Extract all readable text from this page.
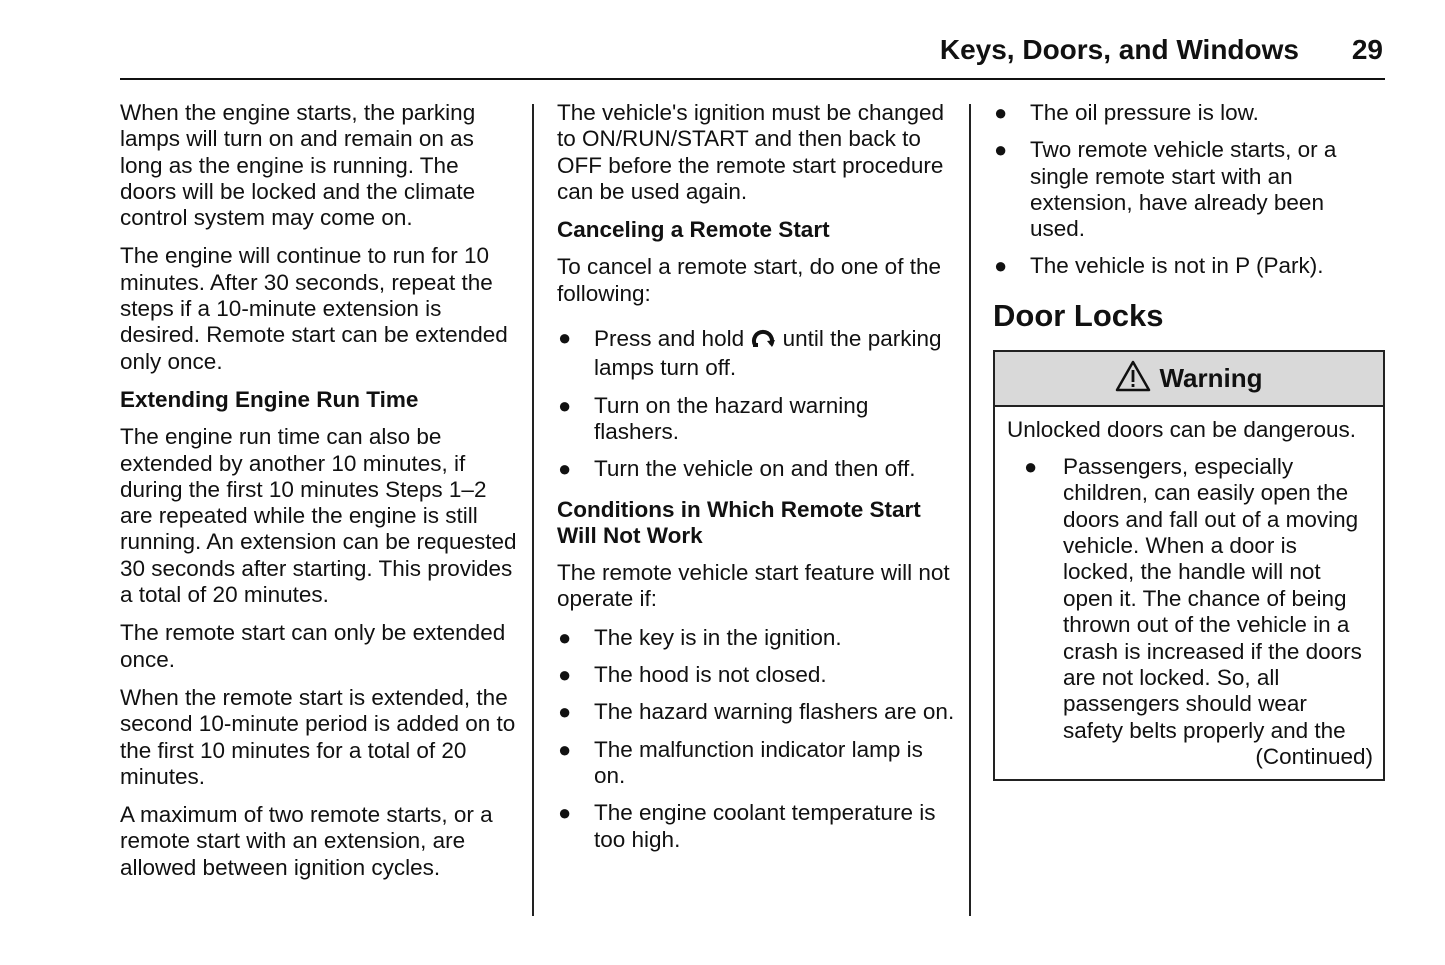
Keys, Doors, and Windows 29

When the engine starts, the parking lamps will turn on and remain on as long as the engine is running. The doors will be locked and the climate control system may come on.

The engine will continue to run for 10 minutes. After 30 seconds, repeat the steps if a 10-minute extension is desired. Remote start can be extended only once.

Extending Engine Run Time

The engine run time can also be extended by another 10 minutes, if during the first 10 minutes Steps 1–2 are repeated while the engine is still running. An extension can be requested 30 seconds after starting. This provides a total of 20 minutes.

The remote start can only be extended once.

When the remote start is extended, the second 10-minute period is added on to the first 10 minutes for a total of 20 minutes.

A maximum of two remote starts, or a remote start with an extension, are allowed between ignition cycles.

The vehicle's ignition must be changed to ON/RUN/START and then back to OFF before the remote start procedure can be used again.

Canceling a Remote Start

To cancel a remote start, do one of the following:

● Press and hold until the parking lamps turn off.
● Turn on the hazard warning flashers.
● Turn the vehicle on and then off.

Conditions in Which Remote Start Will Not Work

The remote vehicle start feature will not operate if:

● The key is in the ignition.
● The hood is not closed.
● The hazard warning flashers are on.
● The malfunction indicator lamp is on.
● The engine coolant temperature is too high.
● The oil pressure is low.
● Two remote vehicle starts, or a single remote start with an extension, have already been used.
● The vehicle is not in P (Park).
Door Locks
Warning

Unlocked doors can be dangerous.

● Passengers, especially children, can easily open the doors and fall out of a moving vehicle. When a door is locked, the handle will not open it. The chance of being thrown out of the vehicle in a crash is increased if the doors are not locked. So, all passengers should wear safety belts properly and the
(Continued)
